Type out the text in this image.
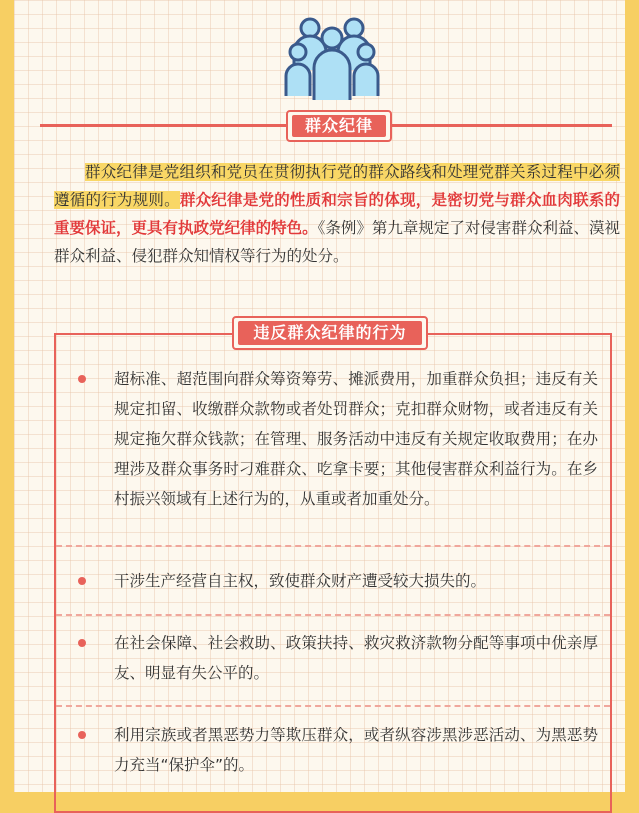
群众纪律

群众纪律是党组织和党员在贯彻执行党的群众路线和处理党群关系过程中必须遵循的行为规则。群众纪律是党的性质和宗旨的体现，是密切党与群众血肉联系的重要保证，更具有执政党纪律的特色。《条例》第九章规定了对侵害群众利益、漠视群众利益、侵犯群众知情权等行为的处分。

违反群众纪律的行为

超标准、超范围向群众筹资筹劳、摊派费用，加重群众负担；违反有关规定扣留、收缴群众款物或者处罚群众；克扣群众财物，或者违反有关规定拖欠群众钱款；在管理、服务活动中违反有关规定收取费用；在办理涉及群众事务时刁难群众、吃拿卡要；其他侵害群众利益行为。在乡村振兴领域有上述行为的，从重或者加重处分。

干涉生产经营自主权，致使群众财产遭受较大损失的。

在社会保障、社会救助、政策扶持、救灾救济款物分配等事项中优亲厚友、明显有失公平的。

利用宗族或者黑恶势力等欺压群众，或者纵容涉黑涉恶活动、为黑恶势力充当“保护伞”的。
